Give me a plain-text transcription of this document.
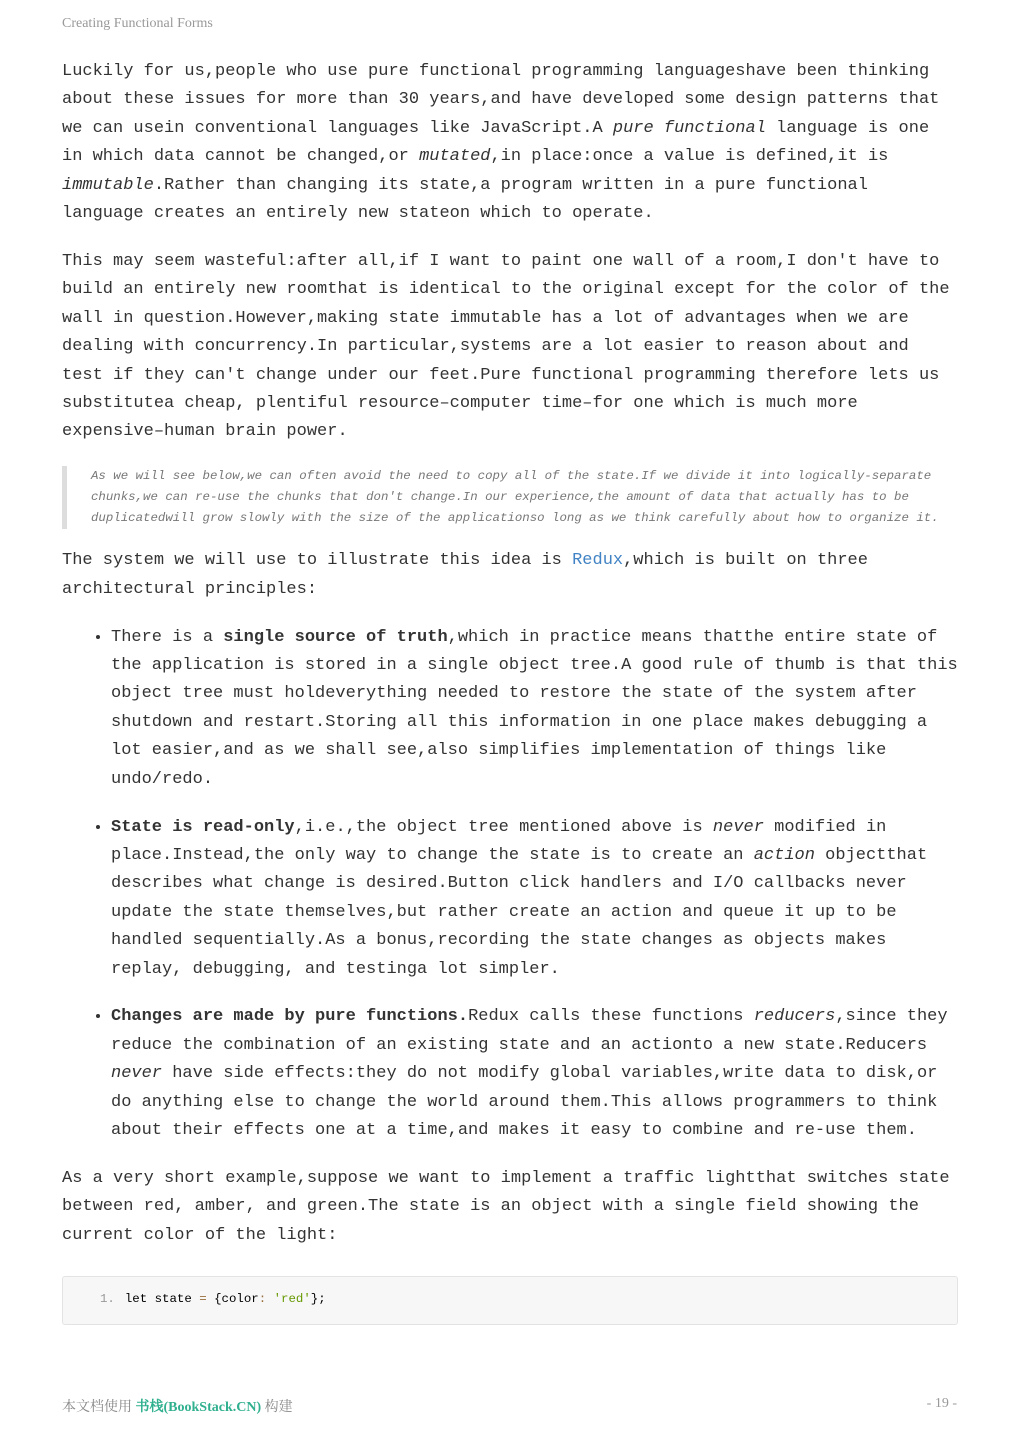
Creating Functional Forms

Luckily for us,people who use pure functional programming languageshave been thinking about these issues for more than 30 years,and have developed some design patterns that we can usein conventional languages like JavaScript.A pure functional language is one in which data cannot be changed,or mutated,in place:once a value is defined,it is immutable.Rather than changing its state,a program written in a pure functional language creates an entirely new stateon which to operate.

This may seem wasteful:after all,if I want to paint one wall of a room,I don't have to build an entirely new roomthat is identical to the original except for the color of the wall in question.However,making state immutable has a lot of advantages when we are dealing with concurrency.In particular,systems are a lot easier to reason about and test if they can't change under our feet.Pure functional programming therefore lets us substitutea cheap, plentiful resource–computer time–for one which is much more expensive–human brain power.

As we will see below,we can often avoid the need to copy all of the state.If we divide it into logically-separate chunks,we can re-use the chunks that don't change.In our experience,the amount of data that actually has to be duplicatedwill grow slowly with the size of the applicationso long as we think carefully about how to organize it.

The system we will use to illustrate this idea is Redux,which is built on three architectural principles:

• There is a single source of truth,which in practice means thatthe entire state of the application is stored in a single object tree.A good rule of thumb is that this object tree must holdeverything needed to restore the state of the system after shutdown and restart.Storing all this information in one place makes debugging a lot easier,and as we shall see,also simplifies implementation of things like undo/redo.
• State is read-only,i.e.,the object tree mentioned above is never modified in place.Instead,the only way to change the state is to create an action objectthat describes what change is desired.Button click handlers and I/O callbacks never update the state themselves,but rather create an action and queue it up to be handled sequentially.As a bonus,recording the state changes as objects makes replay, debugging, and testinga lot simpler.
• Changes are made by pure functions.Redux calls these functions reducers,since they reduce the combination of an existing state and an actionto a new state.Reducers never have side effects:they do not modify global variables,write data to disk,or do anything else to change the world around them.This allows programmers to think about their effects one at a time,and makes it easy to combine and re-use them.

As a very short example,suppose we want to implement a traffic lightthat switches state between red, amber, and green.The state is an object with a single field showing the current color of the light:

1. let state = {color: 'red'};
本文档使用 书栈(BookStack.CN) 构建	- 19 -
